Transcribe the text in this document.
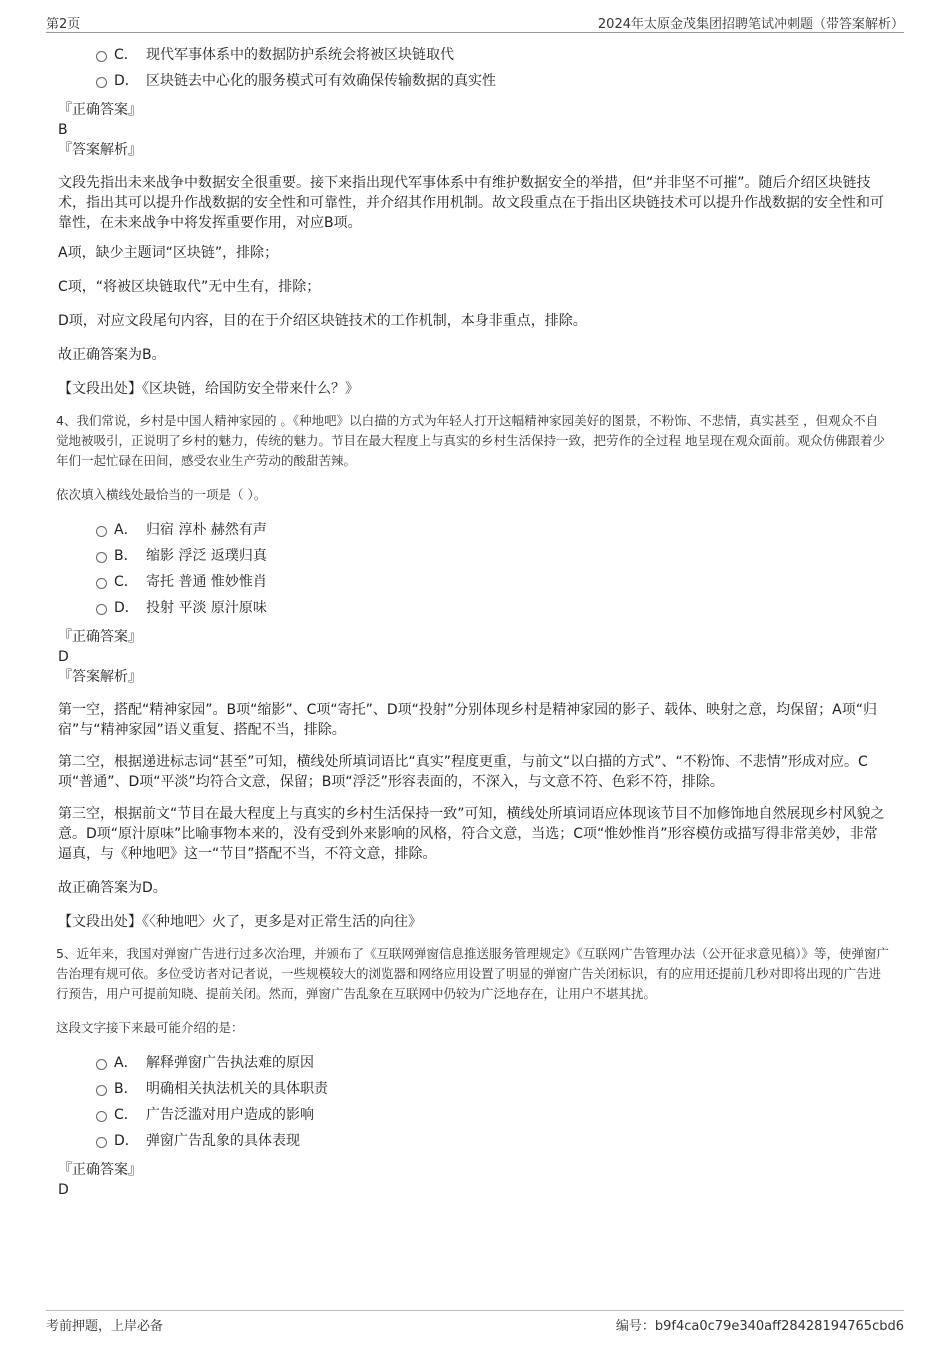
第2页	2024年太原金茂集团招聘笔试冲刺题（带答案解析）
C． 现代军事体系中的数据防护系统会将被区块链取代
D． 区块链去中心化的服务模式可有效确保传输数据的真实性
『正确答案』
B
『答案解析』
文段先指出未来战争中数据安全很重要。接下来指出现代军事体系中有维护数据安全的举措，但“并非坚不可摧”。随后介绍区块链技术，指出其可以提升作战数据的安全性和可靠性，并介绍其作用机制。故文段重点在于指出区块链技术可以提升作战数据的安全性和可靠性，在未来战争中将发挥重要作用，对应B项。
A项，缺少主题词“区块链”，排除；
C项，“将被区块链取代”无中生有，排除；
D项，对应文段尾句内容，目的在于介绍区块链技术的工作机制，本身非重点，排除。
故正确答案为B。
【文段出处】《区块链，给国防安全带来什么？》
4、我们常说，乡村是中国人精神家园的 。《种地吧》以白描的方式为年轻人打开这幅精神家园美好的图景，不粉饰、不悲情，真实甚至 ，但观众不自觉地被吸引，正说明了乡村的魅力，传统的魅力。节目在最大程度上与真实的乡村生活保持一致，把劳作的全过程 地呈现在观众面前。观众仿佛跟着少年们一起忙碌在田间，感受农业生产劳动的酸甜苦辣。
依次填入横线处最恰当的一项是（ ）。
A． 归宿 淳朴 赫然有声
B． 缩影 浮泛 返璞归真
C． 寄托 普通 惟妙惟肖
D． 投射 平淡 原汁原味
『正确答案』
D
『答案解析』
第一空，搭配“精神家园”。B项“缩影”、C项“寄托”、D项“投射”分别体现乡村是精神家园的影子、载体、映射之意，均保留；A项“归宿”与“精神家园”语义重复、搭配不当，排除。
第二空，根据递进标志词“甚至”可知，横线处所填词语比“真实”程度更重，与前文“以白描的方式”、“不粉饰、不悲情”形成对应。C项“普通”、D项“平淡”均符合文意，保留；B项“浮泛”形容表面的，不深入，与文意不符、色彩不符，排除。
第三空，根据前文“节目在最大程度上与真实的乡村生活保持一致”可知，横线处所填词语应体现该节目不加修饰地自然展现乡村风貌之意。D项“原汁原味”比喻事物本来的，没有受到外来影响的风格，符合文意，当选；C项“惟妙惟肖”形容模仿或描写得非常美妙，非常逼真，与《种地吧》这一“节目”搭配不当，不符文意，排除。
故正确答案为D。
【文段出处】《〈种地吧〉火了，更多是对正常生活的向往》
5、近年来，我国对弹窗广告进行过多次治理，并颁布了《互联网弹窗信息推送服务管理规定》《互联网广告管理办法（公开征求意见稿）》等，使弹窗广告治理有规可依。多位受访者对记者说，一些规模较大的浏览器和网络应用设置了明显的弹窗广告关闭标识，有的应用还提前几秒对即将出现的广告进行预告，用户可提前知晓、提前关闭。然而，弹窗广告乱象在互联网中仍较为广泛地存在，让用户不堪其扰。
这段文字接下来最可能介绍的是：
A． 解释弹窗广告执法难的原因
B． 明确相关执法机关的具体职责
C． 广告泛滥对用户造成的影响
D． 弹窗广告乱象的具体表现
『正确答案』
D
考前押题，上岸必备	编号：b9f4ca0c79e340aff28428194765cbd6
